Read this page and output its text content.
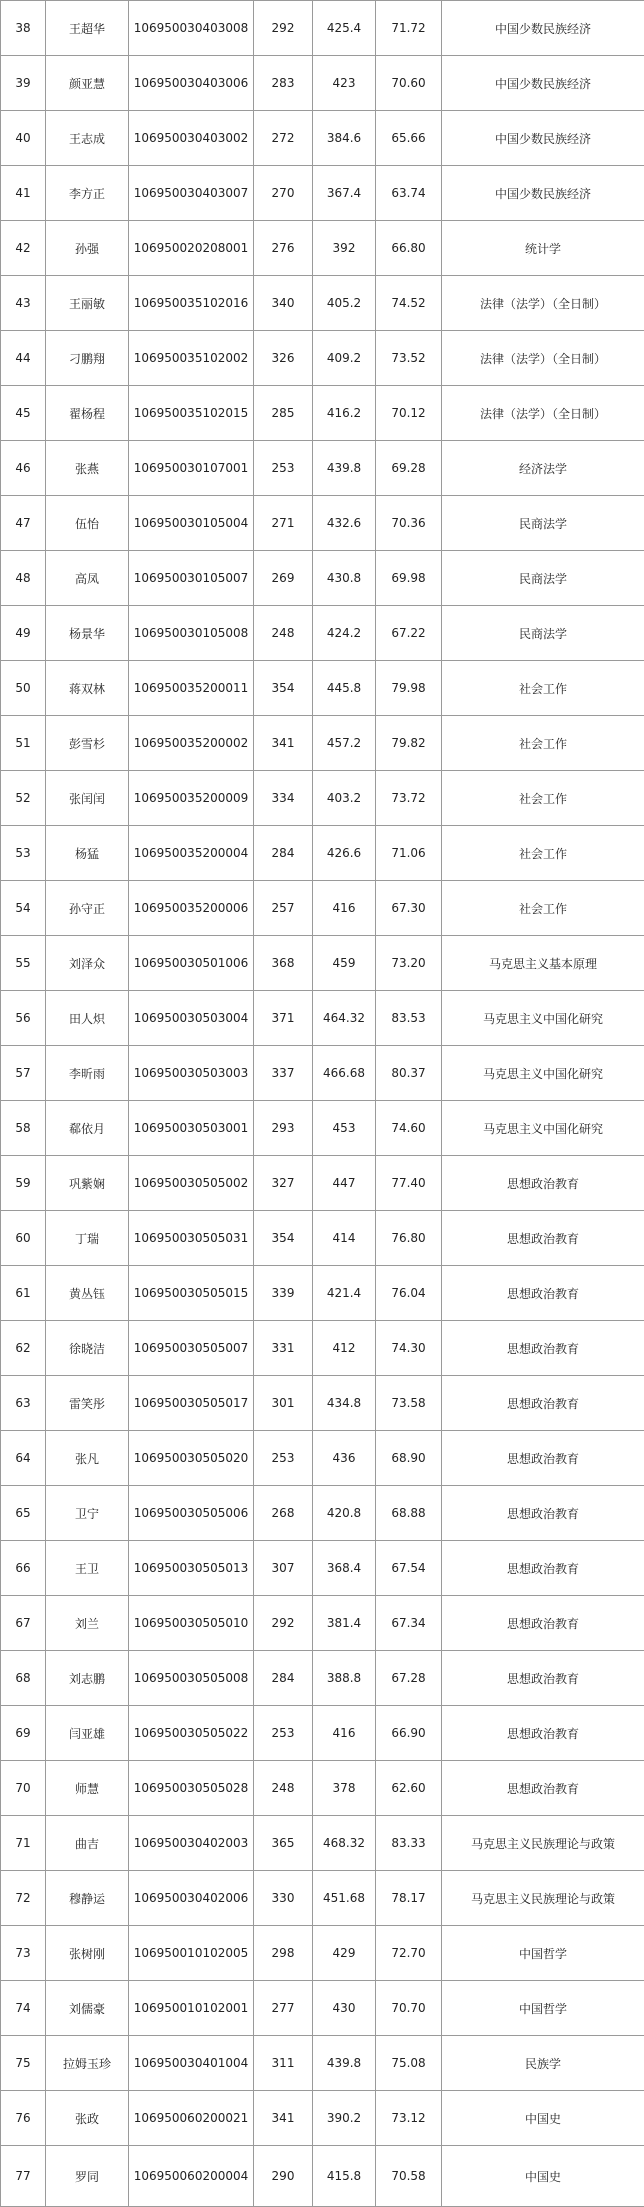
38	王超华	106950030403008	292	425.4	71.72	中国少数民族经济
39	颜亚慧	106950030403006	283	423	70.60	中国少数民族经济
40	王志成	106950030403002	272	384.6	65.66	中国少数民族经济
41	李方正	106950030403007	270	367.4	63.74	中国少数民族经济
42	孙强	106950020208001	276	392	66.80	统计学
43	王丽敏	106950035102016	340	405.2	74.52	法律（法学）（全日制）
44	刁鹏翔	106950035102002	326	409.2	73.52	法律（法学）（全日制）
45	翟杨程	106950035102015	285	416.2	70.12	法律（法学）（全日制）
46	张燕	106950030107001	253	439.8	69.28	经济法学
47	伍怡	106950030105004	271	432.6	70.36	民商法学
48	高凤	106950030105007	269	430.8	69.98	民商法学
49	杨景华	106950030105008	248	424.2	67.22	民商法学
50	蒋双林	106950035200011	354	445.8	79.98	社会工作
51	彭雪杉	106950035200002	341	457.2	79.82	社会工作
52	张闰闰	106950035200009	334	403.2	73.72	社会工作
53	杨猛	106950035200004	284	426.6	71.06	社会工作
54	孙守正	106950035200006	257	416	67.30	社会工作
55	刘泽众	106950030501006	368	459	73.20	马克思主义基本原理
56	田人炽	106950030503004	371	464.32	83.53	马克思主义中国化研究
57	李昕雨	106950030503003	337	466.68	80.37	马克思主义中国化研究
58	郗依月	106950030503001	293	453	74.60	马克思主义中国化研究
59	巩紫娴	106950030505002	327	447	77.40	思想政治教育
60	丁瑞	106950030505031	354	414	76.80	思想政治教育
61	黄丛钰	106950030505015	339	421.4	76.04	思想政治教育
62	徐晓洁	106950030505007	331	412	74.30	思想政治教育
63	雷笑彤	106950030505017	301	434.8	73.58	思想政治教育
64	张凡	106950030505020	253	436	68.90	思想政治教育
65	卫宁	106950030505006	268	420.8	68.88	思想政治教育
66	王卫	106950030505013	307	368.4	67.54	思想政治教育
67	刘兰	106950030505010	292	381.4	67.34	思想政治教育
68	刘志鹏	106950030505008	284	388.8	67.28	思想政治教育
69	闫亚雄	106950030505022	253	416	66.90	思想政治教育
70	师慧	106950030505028	248	378	62.60	思想政治教育
71	曲吉	106950030402003	365	468.32	83.33	马克思主义民族理论与政策
72	穆静运	106950030402006	330	451.68	78.17	马克思主义民族理论与政策
73	张树刚	106950010102005	298	429	72.70	中国哲学
74	刘儒豪	106950010102001	277	430	70.70	中国哲学
75	拉姆玉珍	106950030401004	311	439.8	75.08	民族学
76	张政	106950060200021	341	390.2	73.12	中国史
77	罗同	106950060200004	290	415.8	70.58	中国史
